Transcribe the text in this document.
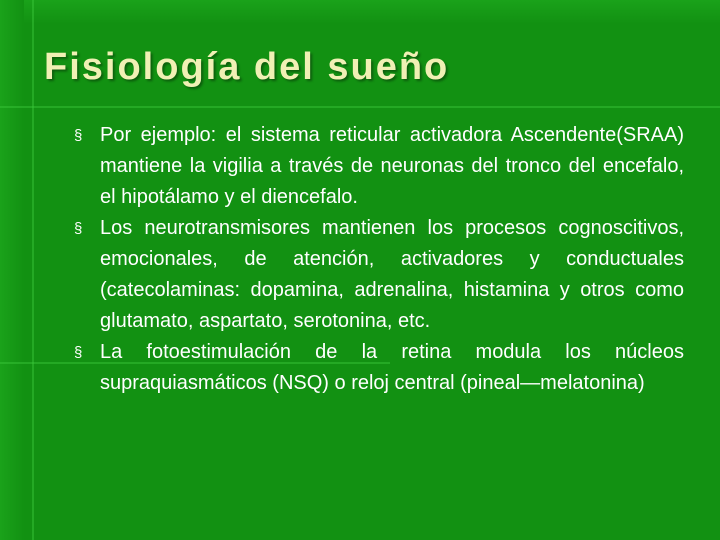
Fisiología del sueño

§ Por ejemplo: el sistema reticular activadora Ascendente(SRAA) mantiene la vigilia a través de neuronas del tronco del encefalo, el hipotálamo y el diencefalo.

§ Los neurotransmisores mantienen los procesos cognoscitivos, emocionales, de atención, activadores y conductuales (catecolaminas: dopamina, adrenalina, histamina y otros como glutamato, aspartato, serotonina, etc.

§ La fotoestimulación de la retina modula los núcleos supraquiasmáticos (NSQ) o reloj central (pineal—melatonina)
